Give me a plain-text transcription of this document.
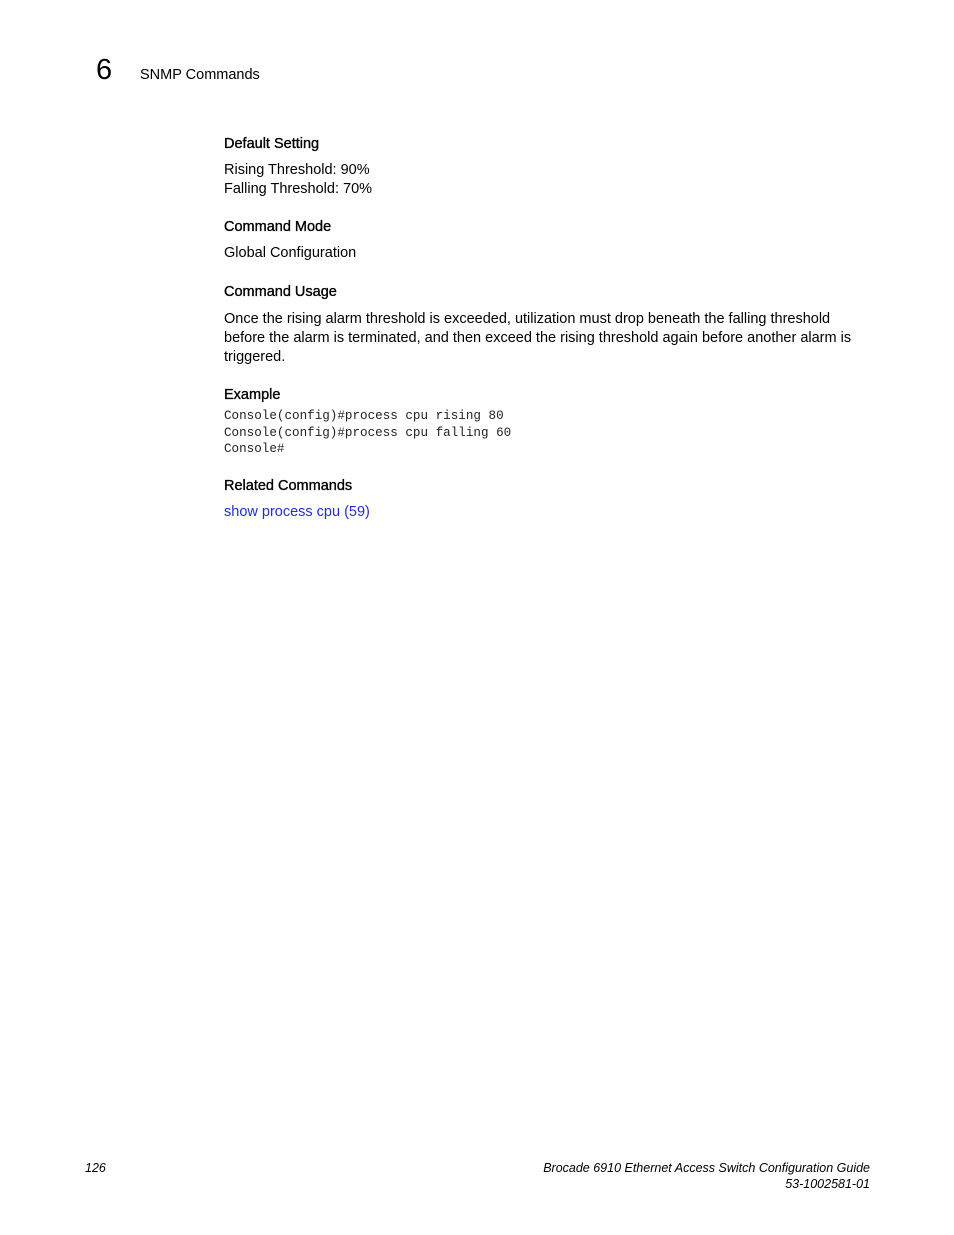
6 SNMP Commands
Default Setting

Rising Threshold: 90%

Falling Threshold: 70%

Command Mode

Global Configuration

Command Usage

Once the rising alarm threshold is exceeded, utilization must drop beneath the falling threshold

before the alarm is terminated, and then exceed the rising threshold again before another alarm is

triggered.

Example
Console(config)#process cpu rising 80
Console(config)#process cpu falling 60
Console#
Related Commands
show process cpu (59)
126	Brocade 6910 Ethernet Access Switch Configuration Guide
53-1002581-01
